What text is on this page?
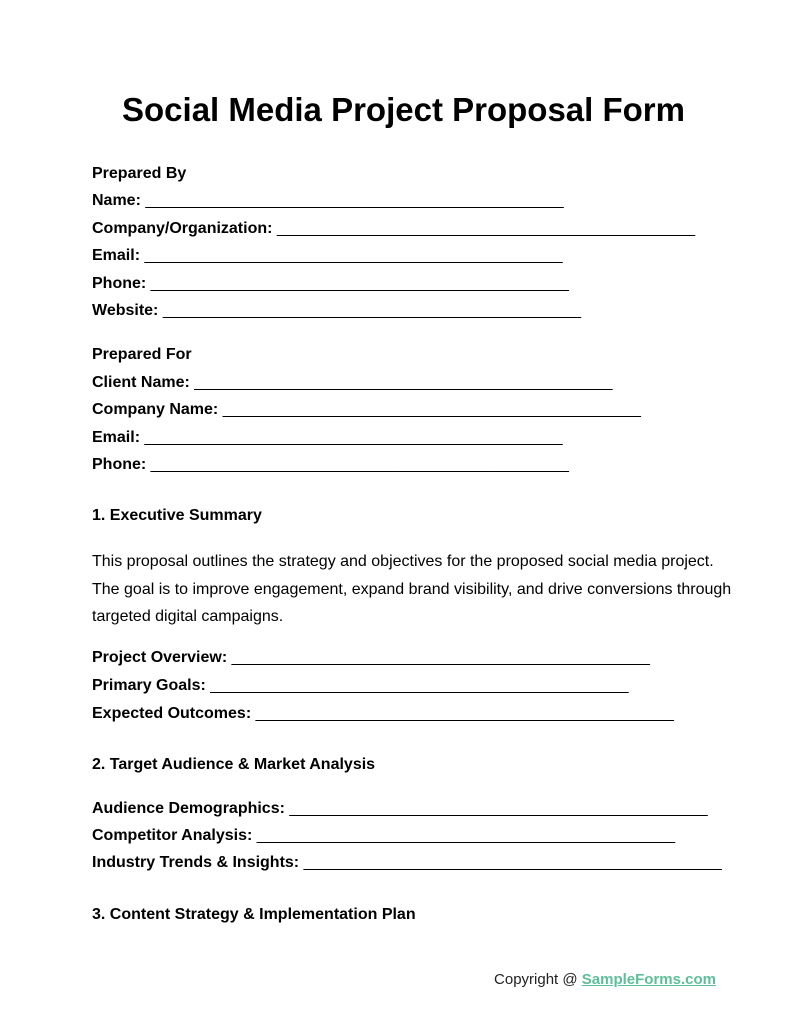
Social Media Project Proposal Form
Prepared By
Name: _______________________________________________
Company/Organization: _______________________________________________
Email: _______________________________________________
Phone: _______________________________________________
Website: _______________________________________________
Prepared For
Client Name: _______________________________________________
Company Name: _______________________________________________
Email: _______________________________________________
Phone: _______________________________________________
1. Executive Summary

This proposal outlines the strategy and objectives for the proposed social media project. The goal is to improve engagement, expand brand visibility, and drive conversions through targeted digital campaigns.

Project Overview: _______________________________________________
Primary Goals: _______________________________________________
Expected Outcomes: _______________________________________________
2. Target Audience & Market Analysis
Audience Demographics: _______________________________________________
Competitor Analysis: _______________________________________________
Industry Trends & Insights: _______________________________________________
3. Content Strategy & Implementation Plan
Copyright @ SampleForms.com
